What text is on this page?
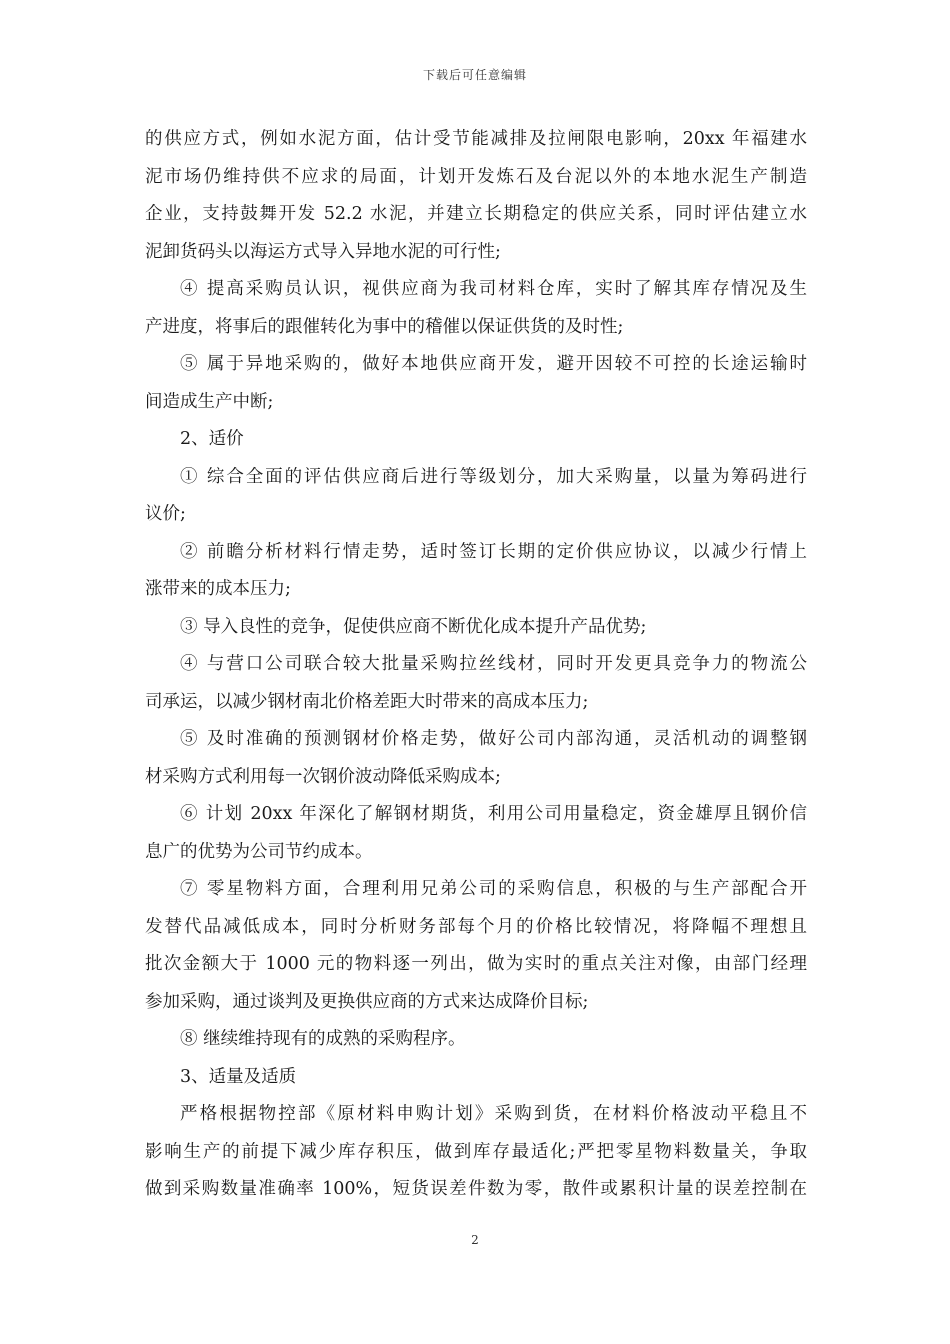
下载后可任意编辑
的供应方式，例如水泥方面，估计受节能减排及拉闸限电影响，20xx 年福建水
泥市场仍维持供不应求的局面，计划开发炼石及台泥以外的本地水泥生产制造
企业，支持鼓舞开发 52.2 水泥，并建立长期稳定的供应关系，同时评估建立水
泥卸货码头以海运方式导入异地水泥的可行性;
④ 提高采购员认识，视供应商为我司材料仓库，实时了解其库存情况及生
产进度，将事后的跟催转化为事中的稽催以保证供货的及时性;
⑤ 属于异地采购的，做好本地供应商开发，避开因较不可控的长途运输时
间造成生产中断;
2、适价
① 综合全面的评估供应商后进行等级划分，加大采购量，以量为筹码进行
议价;
② 前瞻分析材料行情走势，适时签订长期的定价供应协议，以减少行情上
涨带来的成本压力;
③ 导入良性的竞争，促使供应商不断优化成本提升产品优势;
④ 与营口公司联合较大批量采购拉丝线材，同时开发更具竞争力的物流公
司承运，以减少钢材南北价格差距大时带来的高成本压力;
⑤ 及时准确的预测钢材价格走势，做好公司内部沟通，灵活机动的调整钢
材采购方式利用每一次钢价波动降低采购成本;
⑥ 计划 20xx 年深化了解钢材期货，利用公司用量稳定，资金雄厚且钢价信
息广的优势为公司节约成本。
⑦ 零星物料方面，合理利用兄弟公司的采购信息，积极的与生产部配合开
发替代品减低成本，同时分析财务部每个月的价格比较情况，将降幅不理想且
批次金额大于 1000 元的物料逐一列出，做为实时的重点关注对像，由部门经理
参加采购，通过谈判及更换供应商的方式来达成降价目标;
⑧ 继续维持现有的成熟的采购程序。
3、适量及适质
严格根据物控部《原材料申购计划》采购到货，在材料价格波动平稳且不
影响生产的前提下减少库存积压，做到库存最适化;严把零星物料数量关，争取
做到采购数量准确率 100%，短货误差件数为零，散件或累积计量的误差控制在
2
